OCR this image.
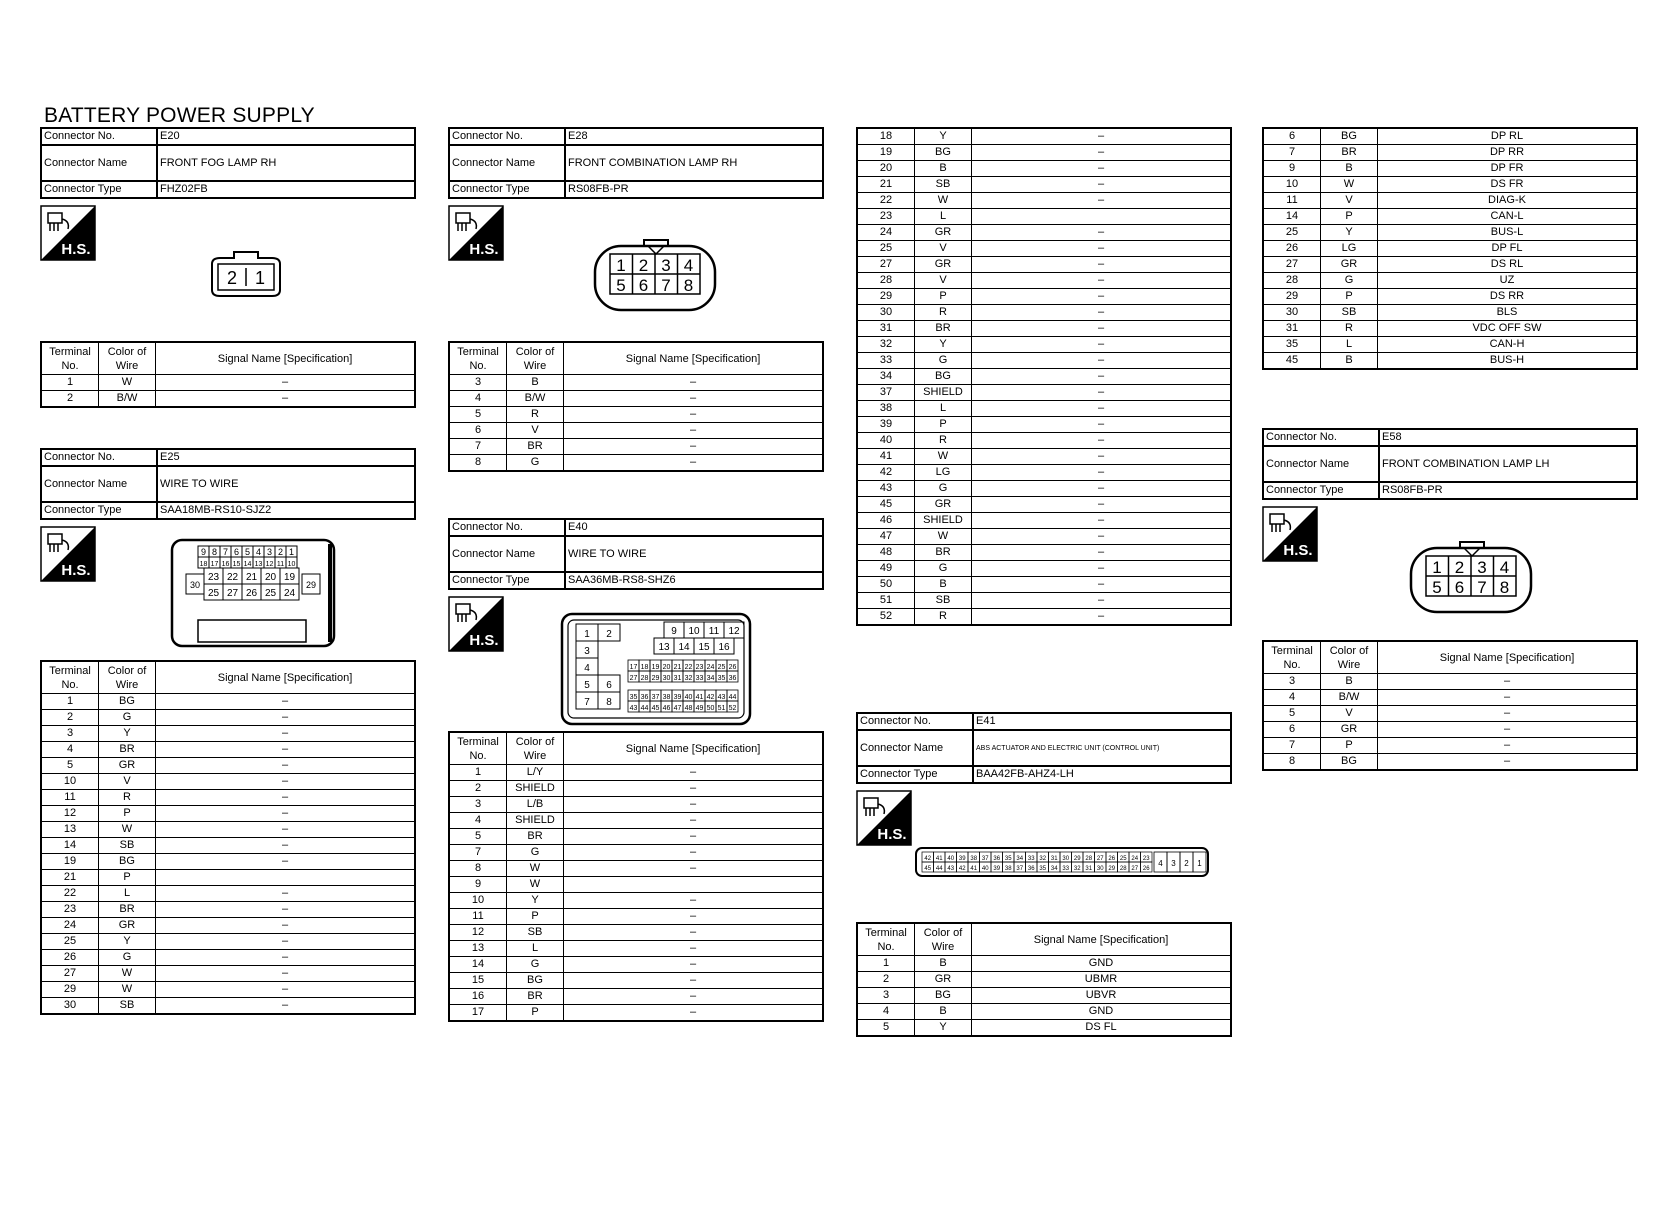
BATTERY POWER SUPPLY
Connector No.	E20
Connector Name	FRONT FOG LAMP RH
Connector Type	FHZ02FB
H.S.
2 1
Terminal No.	Color of Wire	Signal Name [Specification]
1	W	–
2	B/W	–
Connector No.	E25
Connector Name	WIRE TO WIRE
Connector Type	SAA18MB-RS10-SJZ2
H.S.
9 8 7 6 5 4 3 2 1
18 17 16 15 14 13 12 11 10
30	29
23 22 21 20 19
25 27 26 25 24
Terminal No.	Color of Wire	Signal Name [Specification]
1	BG	–
2	G	–
3	Y	–
4	BR	–
5	GR	–
10	V	–
11	R	–
12	P	–
13	W	–
14	SB	–
19	BG	–
21	P	
22	L	–
23	BR	–
24	GR	–
25	Y	–
26	G	–
27	W	–
29	W	–
30	SB	–
Connector No.	E28
Connector Name	FRONT COMBINATION LAMP RH
Connector Type	RS08FB-PR
H.S.
1 2 3 4
5 6 7 8
Terminal No.	Color of Wire	Signal Name [Specification]
3	B	–
4	B/W	–
5	R	–
6	V	–
7	BR	–
8	G	–
Connector No.	E40
Connector Name	WIRE TO WIRE
Connector Type	SAA36MB-RS8-SHZ6
H.S.	1 2
3
4
5 6
7 8
9 10 11 12
13 14 15 16
17
27
35
43
18
28
36
44
19
29
37
45
20
30
38
46
21
31
39
47
22
32
40
48
23
33
41
49
24
34
42
50
25
35
43
51
26
36
44
52
Terminal No.	Color of Wire	Signal Name [Specification]
1	L/Y	–
2	SHIELD	–
3	L/B	–
4	SHIELD	–
5	BR	–
7	G	–
8	W	–
9	W	
10	Y	–
11	P	–
12	SB	–
13	L	–
14	G	–
15	BG	–
16	BR	–
17	P	–
18	Y	–
19	BG	–
20	B	–
21	SB	–
22	W	–
23	L	
24	GR	–
25	V	–
27	GR	–
28	V	–
29	P	–
30	R	–
31	BR	–
32	Y	–
33	G	–
34	BG	–
37	SHIELD	–
38	L	–
39	P	–
40	R	–
41	W	–
42	LG	–
43	G	–
45	GR	–
46	SHIELD	–
47	W	–
48	BR	–
49	G	–
50	B	–
51	SB	–
52	R	–
Connector No.	E41
Connector Name	ABS ACTUATOR AND ELECTRIC UNIT (CONTROL UNIT)
Connector Type	BAA42FB-AHZ4-LH
H.S.
42
45
41
44
40
43
39
42
38
41
37
40
36
39
35
38
34
37
33
36
32
35
31
34
30
33
29
32
28
31
27
30
26
29
25
28
24
27
23
26
4 3 2 1
Terminal No.	Color of Wire	Signal Name [Specification]
1	B	GND
2	GR	UBMR
3	BG	UBVR
4	B	GND
5	Y	DS FL
6	BG	DP RL
7	BR	DP RR
9	B	DP FR
10	W	DS FR
11	V	DIAG-K
14	P	CAN-L
25	Y	BUS-L
26	LG	DP FL
27	GR	DS RL
28	G	UZ
29	P	DS RR
30	SB	BLS
31	R	VDC OFF SW
35	L	CAN-H
45	B	BUS-H
Connector No.	E58
Connector Name	FRONT COMBINATION LAMP LH
Connector Type	RS08FB-PR
H.S.
1 2 3 4
5 6 7 8
Terminal No.	Color of Wire	Signal Name [Specification]
3	B	–
4	B/W	–
5	V	–
6	GR	–
7	P	–
8	BG	–
